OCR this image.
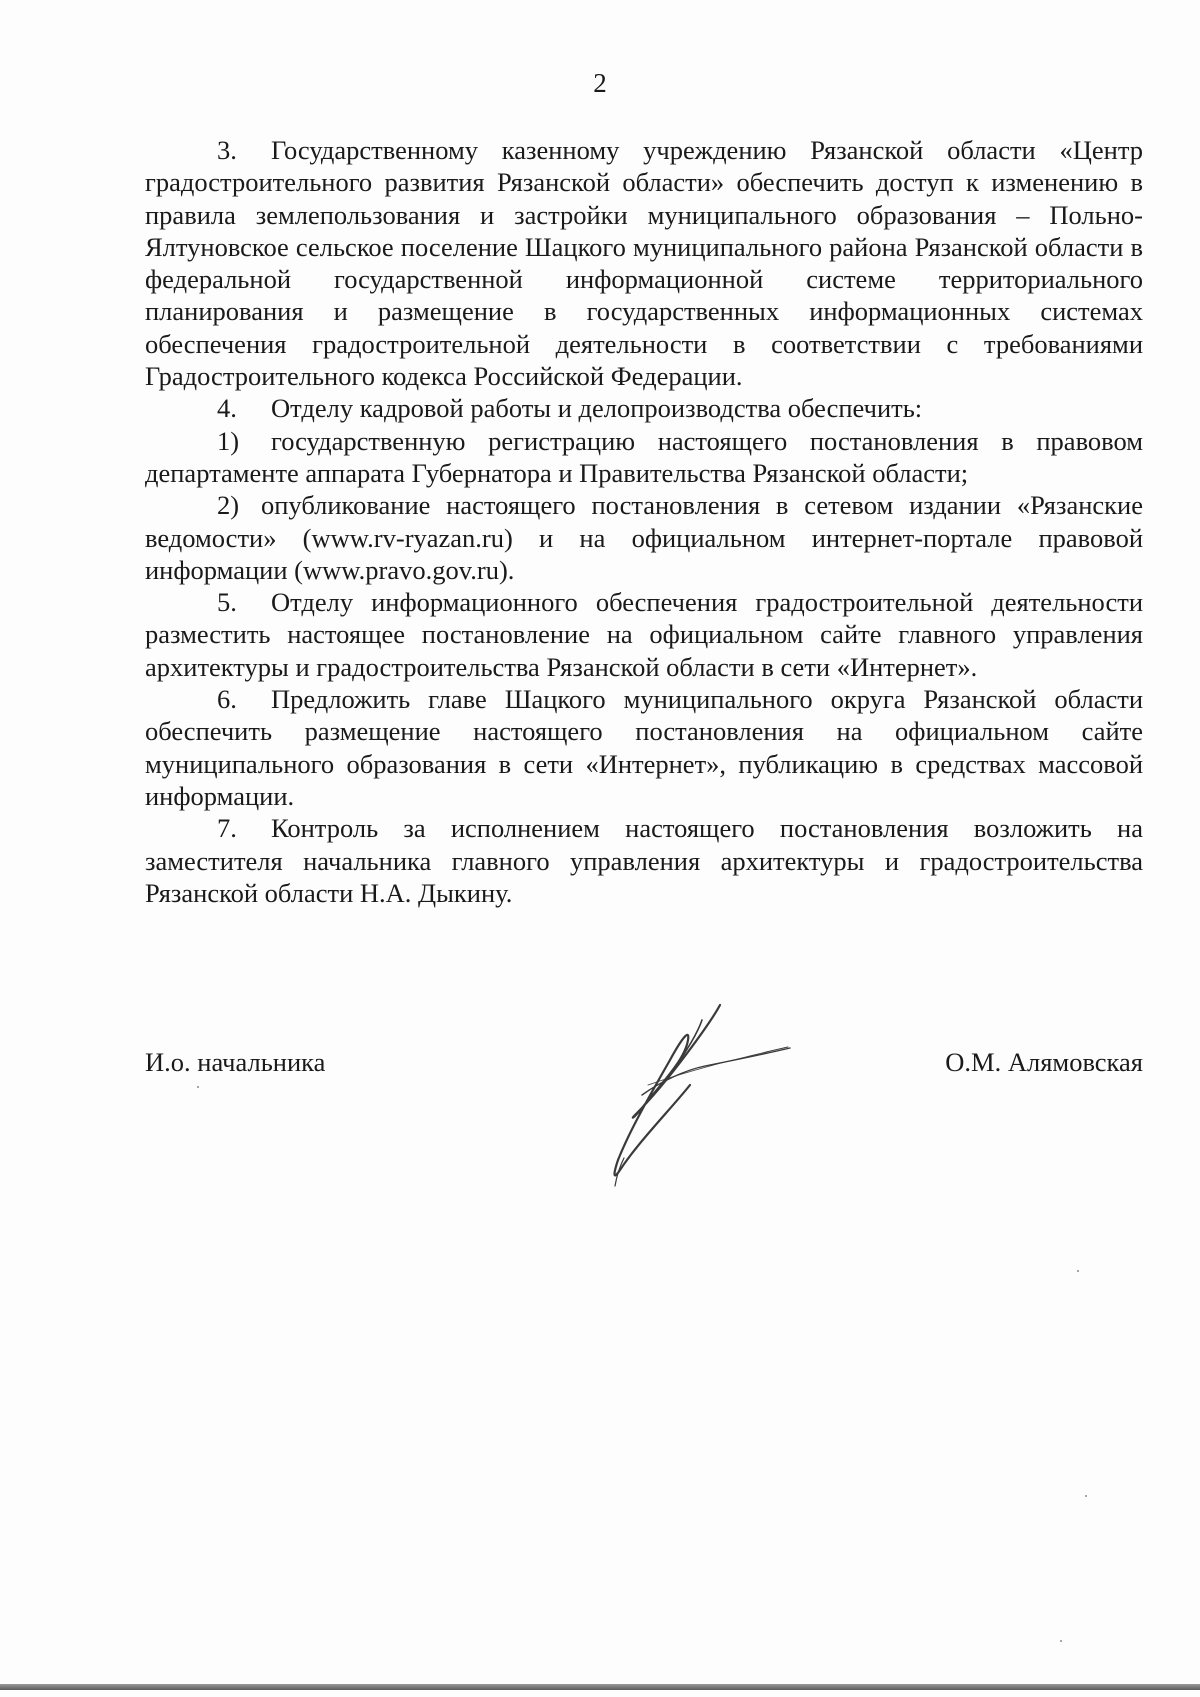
2

3. Государственному казенному учреждению Рязанской области «Центр градостроительного развития Рязанской области» обеспечить доступ к изменению в правила землепользования и застройки муниципального образования – Польно-Ялтуновское сельское поселение Шацкого муниципального района Рязанской области в федеральной государственной информационной системе территориального планирования и размещение в государственных информационных системах обеспечения градостроительной деятельности в соответствии с требованиями Градостроительного кодекса Российской Федерации.

4. Отделу кадровой работы и делопроизводства обеспечить:

1) государственную регистрацию настоящего постановления в правовом департаменте аппарата Губернатора и Правительства Рязанской области;

2) опубликование настоящего постановления в сетевом издании «Рязанские ведомости» (www.rv-ryazan.ru) и на официальном интернет-портале правовой информации (www.pravo.gov.ru).

5. Отделу информационного обеспечения градостроительной деятельности разместить настоящее постановление на официальном сайте главного управления архитектуры и градостроительства Рязанской области в сети «Интернет».

6. Предложить главе Шацкого муниципального округа Рязанской области обеспечить размещение настоящего постановления на официальном сайте муниципального образования в сети «Интернет», публикацию в средствах массовой информации.

7. Контроль за исполнением настоящего постановления возложить на заместителя начальника главного управления архитектуры и градостроительства Рязанской области Н.А. Дыкину.

И.о. начальника	О.М. Алямовская
